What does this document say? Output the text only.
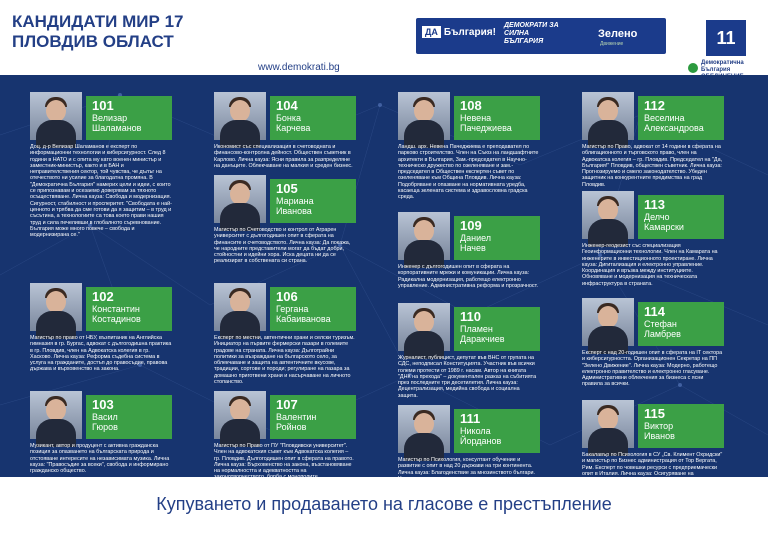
КАНДИДАТИ МИР 17
ПЛОВДИВ ОБЛАСТ
www.demokrati.bg
ДА България!
ДЕМОКРАТИ ЗА СИЛНА БЪЛГАРИЯ
Зелено
Движение	11
Демократична България
101
Велизар
Шаламанов
Доц. д-р Велизар Шаламанов е експерт по информационни технологии и киберсигурност. След 8 години в НАТО и с опита му като военен министър и заместник-министър, както и в БАН и неправителствения сектор, той чувства, че дълъг на отечеството ни усилие за благодатна промяна. В "Демократична България" намерих цели и идеи, с които се припознавам и осезаемо доверявам за тяхното осъществяване. Лична кауза: Свобода и модернизация. Сигурност, стабилност и просперитет. "Свободата е най-ценното и трябва да сме готови да я защитим – в труд и съсътина, а технологиите са това което прави нашия труд и сила печеливши в глобалното съревнование. България може много повече – свобода и модернизирана се."
102
Константин
Костадинов
Магистър по право от НБУ, възпитаник на Английска гимназия в гр. Бургас, адвокат с дългогодишна практика в гр. Пловдив, член на Адвокатска колегия в гр. Хасково. Лична кауза: Реформа съдебна система в услуга на гражданите, достъп до правосъдие, правова държава и върховенство на закона.
103
Васил
Гюров
Музикант, автор и продуцент с активна гражданска позиция за опазването на българската природа и отстояване интересите на независимата музика. Лична кауза: "Правосъдие за всеки", свобода и информирано гражданско общество.
104
Бонка
Карчева
Икономист със специализация в счетоводната и финансово-контролна дейност. Обществен съветник в Карлово. Лична кауза: Ясни правила за разпределяне на данъците. Облекчаване на малкия и среден бизнес.
105
Мариана
Иванова
Магистър по Счетоводство и контрол от Аграрен университет с дългогодишен опит в сферата на финансите и счетоводството. Лична кауза: Да покажа, че народните представители могат да бъдат добри, стойностни и идейни хора. Иска децата ни да се реализират в собствената си страна.
106
Гергана
Кабаиванова
Експерт по местни, автентични храни и селски туризъм. Инициатор на първите фермерски пазари в големите градове на страната. Лична кауза: Дълготрайни политики за възраждане на българското село, за облекчаване и защита на автентичните вкусове, традиции, сортове и породи; регулиране на пазара за домашно приготвени храни и насърчаване на личното стопанство.
107
Валентин
Ройнов
Магистър по Право от ПУ "Пловдивски университет". Член на адвокатския съвет към Адвокатска колегия – гр. Пловдив. Дългогодишен опит в сферата на правото. Лична кауза: Върховенство на закона, възстановяване на нормалността и адекватността на
108
Невена
Пачеджиева
Ландш. арх. Невена Пачеджиева е преподавател по парково строителство. Член на Съюз на ландшафтните архитекти в България, Зам.-председател в Научно-техническо дружество по озеленяване и зам.-председател в Обществен експертен съвет по озеленяване към Община Пловдив. Лична кауза: Подобряване и опазване на нормативната уредба, касаеща зелената система и здравословна градска среда.
109
Даниел
Начев
Инженер с дългогодишен опит в сферата на корпоративните мрежи и комуникации. Лична кауза: Радикална модернизация, работещо електронно управление. Административна реформа и прозрачност.
110
Пламен
Даракчиев
Журналист, публицист, депутат във ВНС от групата на СДС, неподписал Конституцията. Участник във всички големи протести от 1989 г. насам. Автор на книгата "ДНК на прехода" – документален разказ на събитията през последните три десетилетия. Лична кауза: Децентрализация, медийна свобода и социална защита.
111
Никола
Йорданов
Магистър по Психология, консултант обучение и развитие с опит в над 20 държави на три континента. Лична кауза: Благоденствие за мнозинството българи.
112
Веселина
Александрова
Магистър по Право, адвокат от 14 години в сферата на облигационното и търговското право, член на Адвокатска колегия – гр. Пловдив. Председател на "Да, България!" Пловдив, обществен съветник. Лична кауза: Прогнозируемо и смело законодателство. Убеден защитник на конкурентните предимства на град Пловдив.
113
Делчо
Камарски
Инженер-геодезист със специализация Геоинформационни технологии. Член на Камарата на инженерите в инвестиционното проектиране. Лична кауза: Дигитализация и електронно управление. Координация и връзка между институциите. Обновяване и модернизация на техническата инфраструктура в страната.
114
Стефан
Ламбрев
Експерт с над 20-годишен опит в сферата на IT сектора и киберсигурността. Организационен Секретар на ПП "Зелено Движение". Лична кауза: Модерно, работещо електронно правителство и електронно гласуване. Административни облекчения за бизнеса с ясни правила за всички.
115
Виктор
Иванов
Бакалавър по Психология в СУ „Св. Климент Охридски" и магистър по Бизнес администрация от Тор Вергата, Рим. Експерт по човешки ресурси с предприемачески опит в Италия. Лична кауза: Осигуряване на
Купуването и продаването на гласове е престъпление
